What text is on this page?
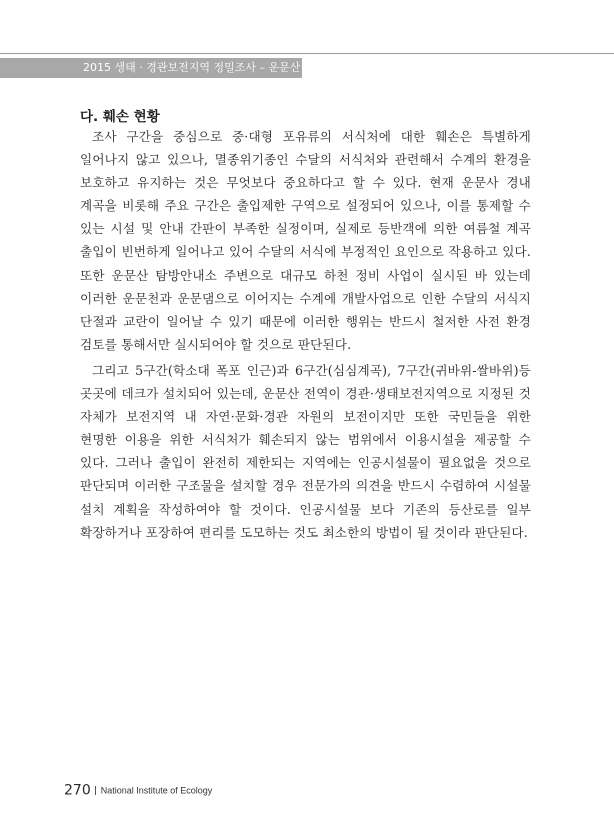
2015 생태 · 경관보전지역 정밀조사 – 운문산
다. 훼손 현황

조사 구간을 중심으로 중·대형 포유류의 서식처에 대한 훼손은 특별하게 일어나지 않고 있으나, 멸종위기종인 수달의 서식처와 관련해서 수계의 환경을 보호하고 유지하는 것은 무엇보다 중요하다고 할 수 있다. 현재 운문사 경내 계곡을 비롯해 주요 구간은 출입제한 구역으로 설정되어 있으나, 이를 통제할 수 있는 시설 및 안내 간판이 부족한 실정이며, 실제로 등반객에 의한 여름철 계곡 출입이 빈번하게 일어나고 있어 수달의 서식에 부정적인 요인으로 작용하고 있다. 또한 운문산 탐방안내소 주변으로 대규모 하천 정비 사업이 실시된 바 있는데 이러한 운문천과 운문댐으로 이어지는 수계에 개발사업으로 인한 수달의 서식지 단절과 교란이 일어날 수 있기 때문에 이러한 행위는 반드시 철저한 사전 환경 검토를 통해서만 실시되어야 할 것으로 판단된다.

그리고 5구간(학소대 폭포 인근)과 6구간(심심계곡), 7구간(귀바위-쌀바위)등 곳곳에 데크가 설치되어 있는데, 운문산 전역이 경관·생태보전지역으로 지정된 것 자체가 보전지역 내 자연·문화·경관 자원의 보전이지만 또한 국민들을 위한 현명한 이용을 위한 서식처가 훼손되지 않는 범위에서 이용시설을 제공할 수 있다. 그러나 출입이 완전히 제한되는 지역에는 인공시설물이 필요없을 것으로 판단되며 이러한 구조물을 설치할 경우 전문가의 의견을 반드시 수렴하여 시설물 설치 계획을 작성하여야 할 것이다. 인공시설물 보다 기존의 등산로를 일부 확장하거나 포장하여 편리를 도모하는 것도 최소한의 방법이 될 것이라 판단된다.

270 National Institute of Ecology
